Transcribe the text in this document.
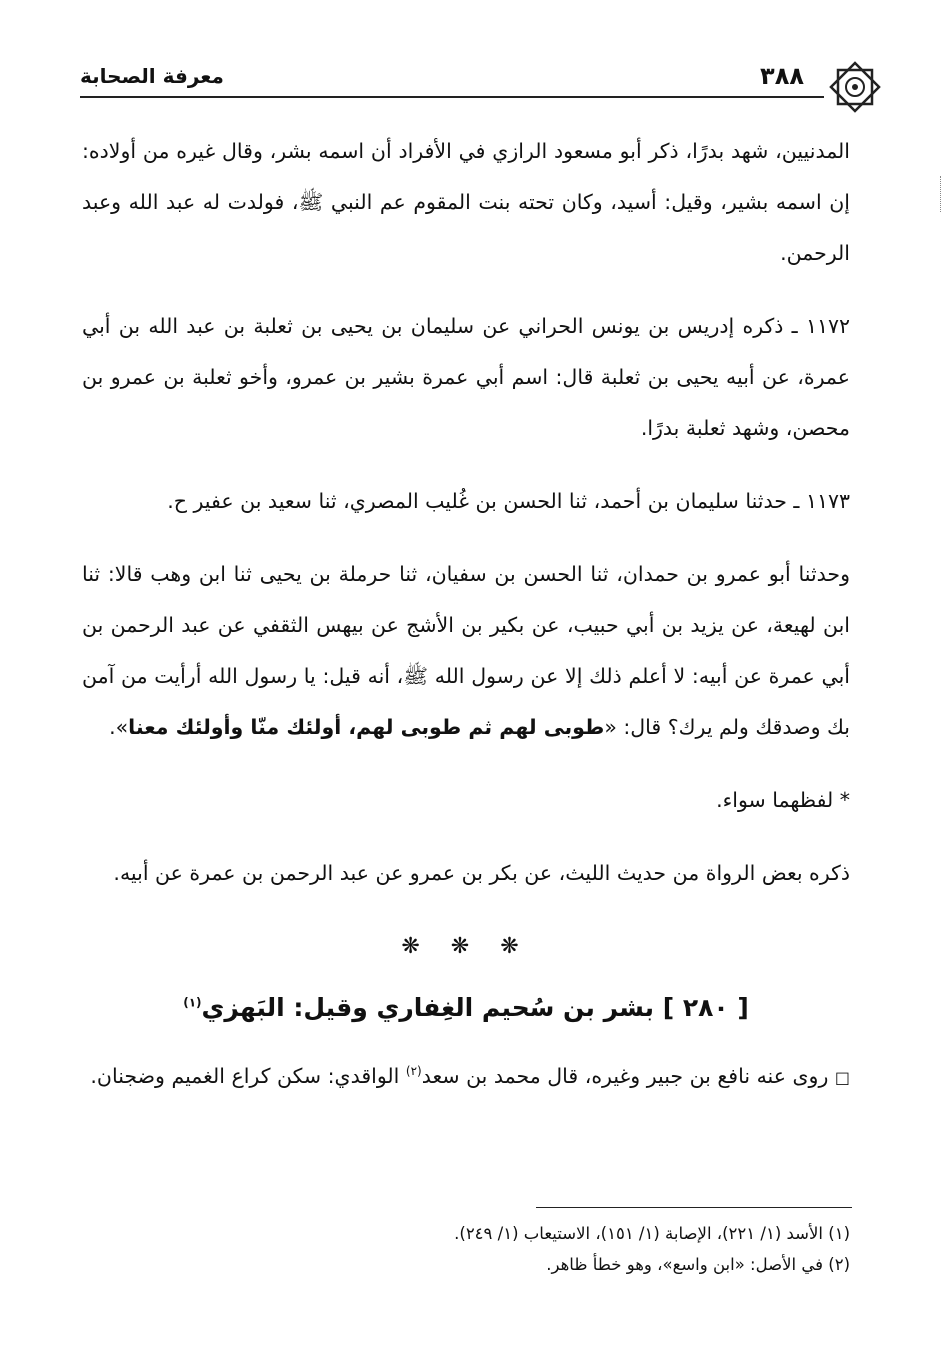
٣٨٨
معرفة الصحابة

المدنيين، شهد بدرًا، ذكر أبو مسعود الرازي في الأفراد أن اسمه بشر، وقال غيره من أولاده: إن اسمه بشير، وقيل: أسيد، وكان تحته بنت المقوم عم النبي ﷺ، فولدت له عبد الله وعبد الرحمن.

١١٧٢ ـ ذكره إدريس بن يونس الحراني عن سليمان بن يحيى بن ثعلبة بن عبد الله بن أبي عمرة، عن أبيه يحيى بن ثعلبة قال: اسم أبي عمرة بشير بن عمرو، وأخو ثعلبة بن عمرو بن محصن، وشهد ثعلبة بدرًا.

١١٧٣ ـ حدثنا سليمان بن أحمد، ثنا الحسن بن غُليب المصري، ثنا سعيد بن عفير ح.

وحدثنا أبو عمرو بن حمدان، ثنا الحسن بن سفيان، ثنا حرملة بن يحيى ثنا ابن وهب قالا: ثنا ابن لهيعة، عن يزيد بن أبي حبيب، عن بكير بن الأشج عن بيهس الثقفي عن عبد الرحمن بن أبي عمرة عن أبيه: لا أعلم ذلك إلا عن رسول الله ﷺ، أنه قيل: يا رسول الله أرأيت من آمن بك وصدقك ولم يرك؟ قال: «طوبى لهم ثم طوبى لهم، أولئك منّا وأولئك معنا».

* لفظهما سواء.

ذكره بعض الرواة من حديث الليث، عن بكر بن عمرو عن عبد الرحمن بن عمرة عن أبيه.

❋ ❋ ❋
[ ٢٨٠ ] بشر بن سُحيم الغِفاري وقيل: البَهزي$^{(١)}$

□ روى عنه نافع بن جبير وغيره، قال محمد بن سعد$^{(٢)}$ الواقدي: سكن كراع الغميم وضجنان.

(١) الأسد (١/ ٢٢١)، الإصابة (١/ ١٥١)، الاستيعاب (١/ ٢٤٩).

(٢) في الأصل: «ابن واسع»، وهو خطأ ظاهر.
